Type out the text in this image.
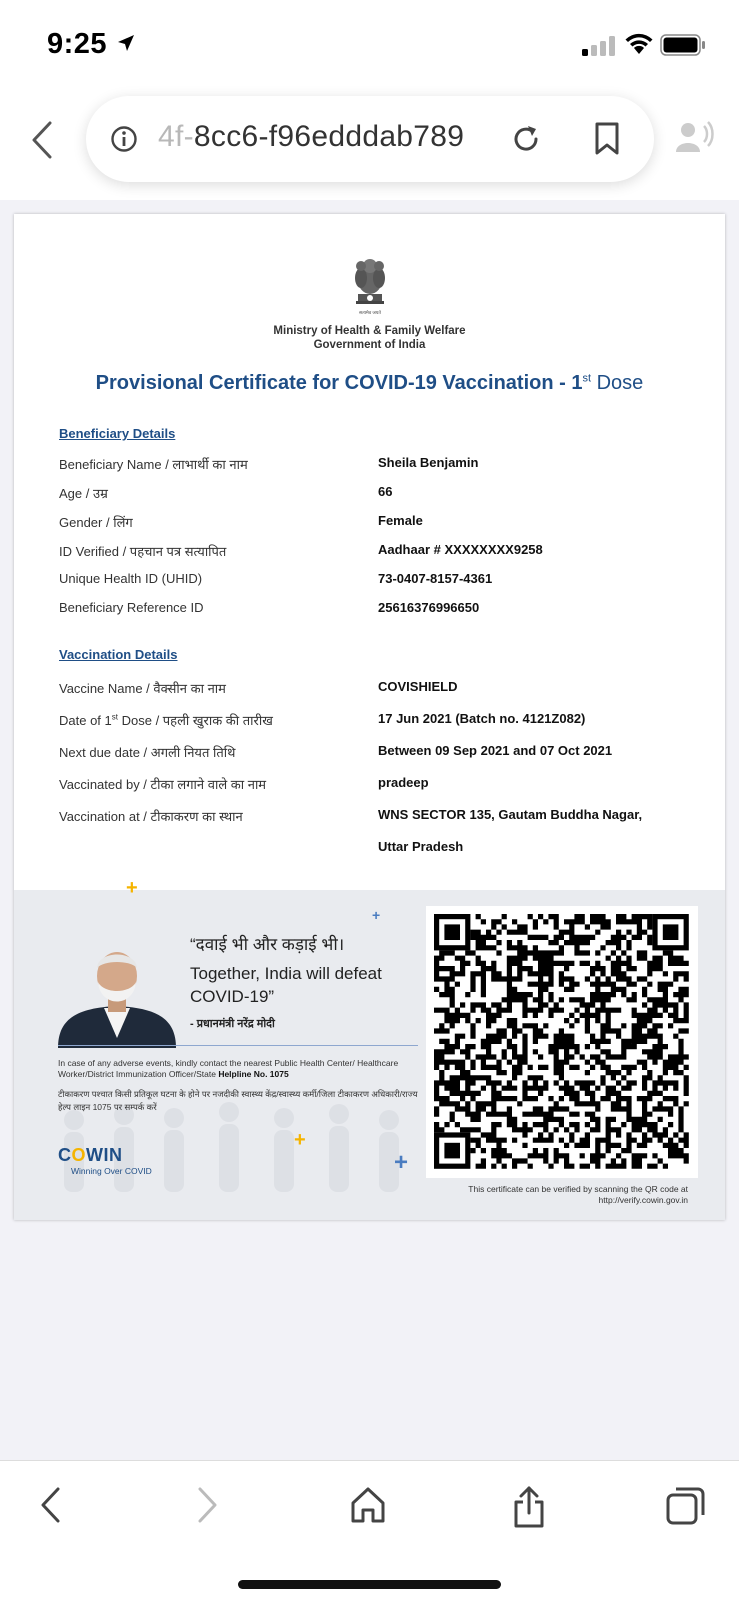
9:25
4f-8cc6-f96edddab789
सत्यमेव जयते
Ministry of Health & Family Welfare
Government of India
Provisional Certificate for COVID-19 Vaccination - 1st Dose
Beneficiary Details
Beneficiary Name / लाभार्थी का नाम	Sheila Benjamin
Age / उम्र	66
Gender / लिंग	Female
ID Verified / पहचान पत्र सत्यापित	Aadhaar # XXXXXXXX9258
Unique Health ID (UHID)	73-0407-8157-4361
Beneficiary Reference ID	25616376996650
Vaccination Details
Vaccine Name / वैक्सीन का नाम	COVISHIELD
Date of 1st Dose / पहली खुराक की तारीख	17 Jun 2021 (Batch no. 4121Z082)
Next due date / अगली नियत तिथि	Between 09 Sep 2021 and 07 Oct 2021
Vaccinated by / टीका लगाने वाले का नाम	pradeep
Vaccination at / टीकाकरण का स्थान	WNS SECTOR 135, Gautam Buddha Nagar,
Uttar Pradesh
+
+
+
+
“दवाई भी और कड़ाई भी।
Together, India will defeat COVID-19”
- प्रधानमंत्री नरेंद्र मोदी
In case of any adverse events, kindly contact the nearest Public Health Center/ Healthcare Worker/District Immunization Officer/State Helpline No. 1075
टीकाकरण पश्चात किसी प्रतिकूल घटना के होने पर नजदीकी स्वास्थ्य केंद्र/स्वास्थ्य कर्मी/जिला टीकाकरण अधिकारी/राज्य हेल्प लाइन 1075 पर सम्पर्क करें
COWIN
Winning Over COVID
This certificate can be verified by scanning the QR code at
http://verify.cowin.gov.in
